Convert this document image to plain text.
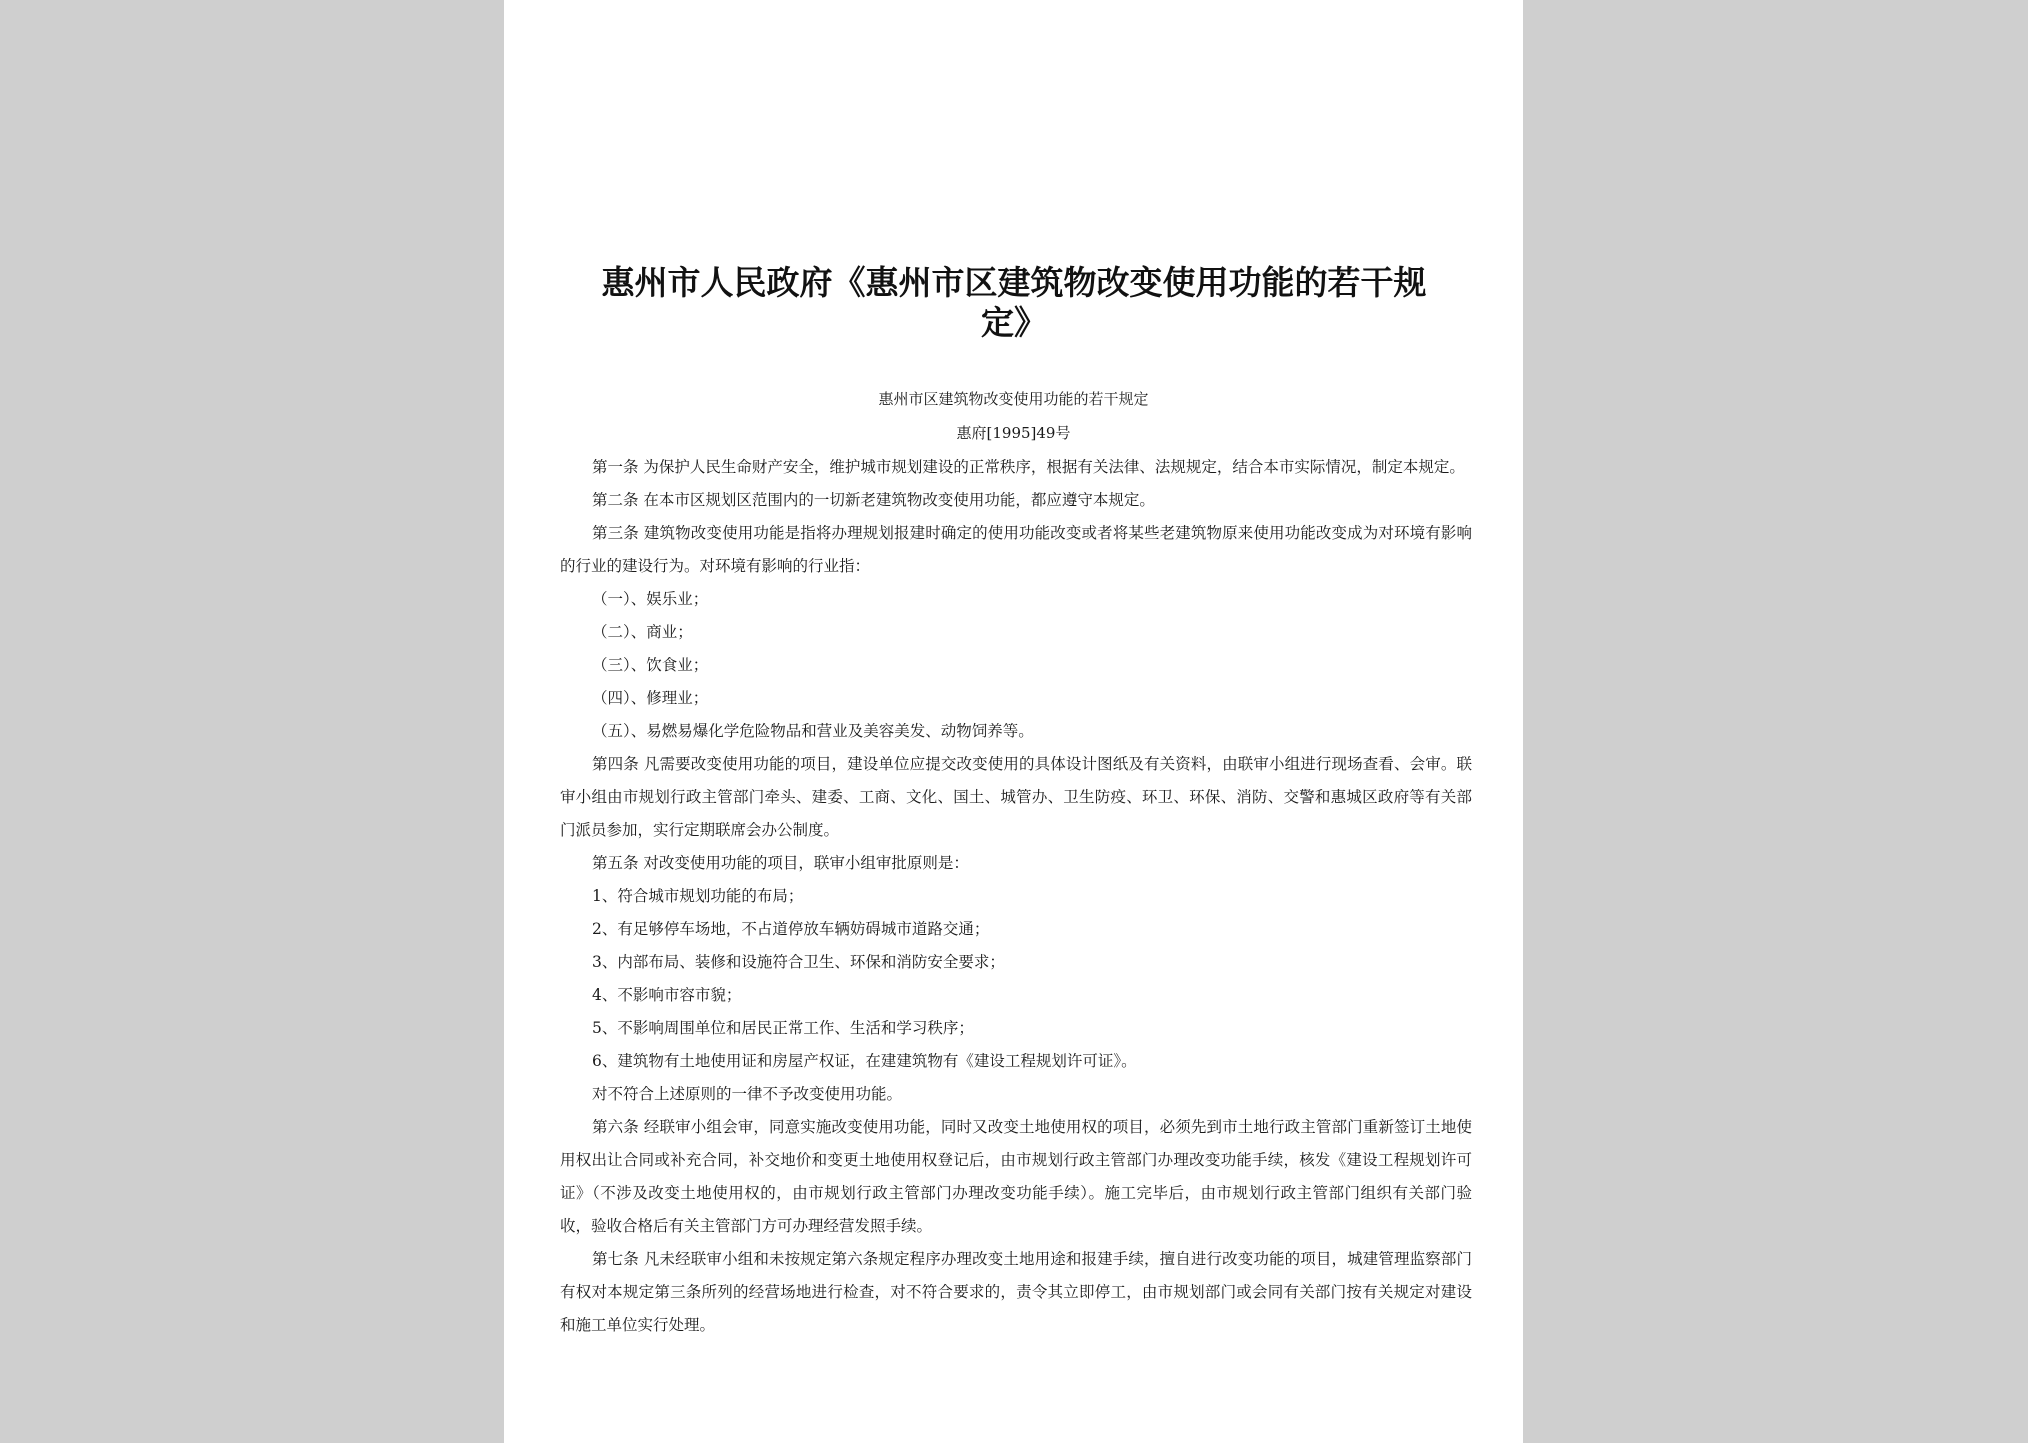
惠州市人民政府《惠州市区建筑物改变使用功能的若干规定》
惠州市区建筑物改变使用功能的若干规定
惠府[1995]49号

第一条 为保护人民生命财产安全，维护城市规划建设的正常秩序，根据有关法律、法规规定，结合本市实际情况，制定本规定。

第二条 在本市区规划区范围内的一切新老建筑物改变使用功能，都应遵守本规定。

第三条 建筑物改变使用功能是指将办理规划报建时确定的使用功能改变或者将某些老建筑物原来使用功能改变成为对环境有影响的行业的建设行为。对环境有影响的行业指：

（一）、娱乐业；

（二）、商业；

（三）、饮食业；

（四）、修理业；

（五）、易燃易爆化学危险物品和营业及美容美发、动物饲养等。

第四条 凡需要改变使用功能的项目，建设单位应提交改变使用的具体设计图纸及有关资料，由联审小组进行现场查看、会审。联审小组由市规划行政主管部门牵头、建委、工商、文化、国土、城管办、卫生防疫、环卫、环保、消防、交警和惠城区政府等有关部门派员参加，实行定期联席会办公制度。

第五条 对改变使用功能的项目，联审小组审批原则是：

1、符合城市规划功能的布局；

2、有足够停车场地，不占道停放车辆妨碍城市道路交通；

3、内部布局、装修和设施符合卫生、环保和消防安全要求；

4、不影响市容市貌；

5、不影响周围单位和居民正常工作、生活和学习秩序；

6、建筑物有土地使用证和房屋产权证，在建建筑物有《建设工程规划许可证》。

对不符合上述原则的一律不予改变使用功能。

第六条 经联审小组会审，同意实施改变使用功能，同时又改变土地使用权的项目，必须先到市土地行政主管部门重新签订土地使用权出让合同或补充合同，补交地价和变更土地使用权登记后，由市规划行政主管部门办理改变功能手续，核发《建设工程规划许可证》（不涉及改变土地使用权的，由市规划行政主管部门办理改变功能手续）。施工完毕后，由市规划行政主管部门组织有关部门验收，验收合格后有关主管部门方可办理经营发照手续。

第七条 凡未经联审小组和未按规定第六条规定程序办理改变土地用途和报建手续，擅自进行改变功能的项目，城建管理监察部门有权对本规定第三条所列的经营场地进行检查，对不符合要求的，责令其立即停工，由市规划部门或会同有关部门按有关规定对建设和施工单位实行处理。
